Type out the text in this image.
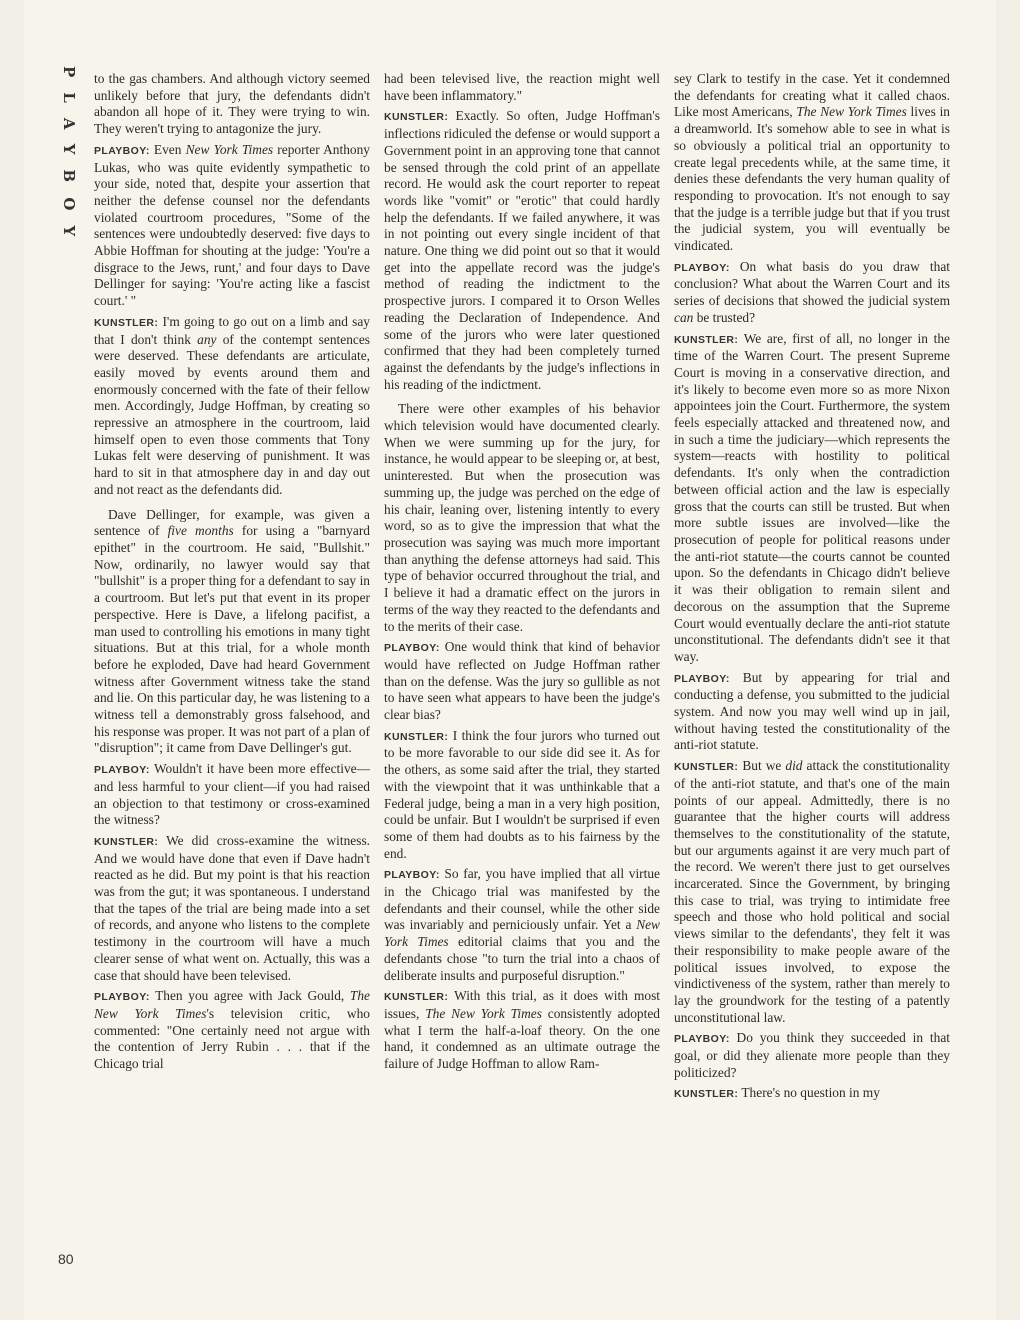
PLAYBOY to the gas chambers. And although victory seemed unlikely before that jury, the defendants didn't abandon all hope of it. They were trying to win. They weren't trying to antagonize the jury.

PLAYBOY: Even New York Times reporter Anthony Lukas, who was quite evidently sympathetic to your side, noted that, despite your assertion that neither the defense counsel nor the defendants violated courtroom procedures, "Some of the sentences were undoubtedly deserved: five days to Abbie Hoffman for shouting at the judge: 'You're a disgrace to the Jews, runt,' and four days to Dave Dellinger for saying: 'You're acting like a fascist court.' "

KUNSTLER: I'm going to go out on a limb and say that I don't think any of the contempt sentences were deserved. These defendants are articulate, easily moved by events around them and enormously concerned with the fate of their fellow men. Accordingly, Judge Hoffman, by creating so repressive an atmosphere in the courtroom, laid himself open to even those comments that Tony Lukas felt were deserving of punishment. It was hard to sit in that atmosphere day in and day out and not react as the defendants did.

Dave Dellinger, for example, was given a sentence of five months for using a "barnyard epithet" in the courtroom. He said, "Bullshit." Now, ordinarily, no lawyer would say that "bullshit" is a proper thing for a defendant to say in a courtroom. But let's put that event in its proper perspective. Here is Dave, a lifelong pacifist, a man used to controlling his emotions in many tight situations. But at this trial, for a whole month before he exploded, Dave had heard Government witness after Government witness take the stand and lie. On this particular day, he was listening to a witness tell a demonstrably gross falsehood, and his response was proper. It was not part of a plan of "disruption"; it came from Dave Dellinger's gut.

PLAYBOY: Wouldn't it have been more effective—and less harmful to your client—if you had raised an objection to that testimony or cross-examined the witness?

KUNSTLER: We did cross-examine the witness. And we would have done that even if Dave hadn't reacted as he did. But my point is that his reaction was from the gut; it was spontaneous. I understand that the tapes of the trial are being made into a set of records, and anyone who listens to the complete testimony in the courtroom will have a much clearer sense of what went on. Actually, this was a case that should have been televised.

PLAYBOY: Then you agree with Jack Gould, The New York Times's television critic, who commented: "One certainly need not argue with the contention of Jerry Rubin . . . that if the Chicago trial

had been televised live, the reaction might well have been inflammatory."

KUNSTLER: Exactly. So often, Judge Hoffman's inflections ridiculed the defense or would support a Government point in an approving tone that cannot be sensed through the cold print of an appellate record. He would ask the court reporter to repeat words like "vomit" or "erotic" that could hardly help the defendants. If we failed anywhere, it was in not pointing out every single incident of that nature. One thing we did point out so that it would get into the appellate record was the judge's method of reading the indictment to the prospective jurors. I compared it to Orson Welles reading the Declaration of Independence. And some of the jurors who were later questioned confirmed that they had been completely turned against the defendants by the judge's inflections in his reading of the indictment.

There were other examples of his behavior which television would have documented clearly. When we were summing up for the jury, for instance, he would appear to be sleeping or, at best, uninterested. But when the prosecution was summing up, the judge was perched on the edge of his chair, leaning over, listening intently to every word, so as to give the impression that what the prosecution was saying was much more important than anything the defense attorneys had said. This type of behavior occurred throughout the trial, and I believe it had a dramatic effect on the jurors in terms of the way they reacted to the defendants and to the merits of their case.

PLAYBOY: One would think that kind of behavior would have reflected on Judge Hoffman rather than on the defense. Was the jury so gullible as not to have seen what appears to have been the judge's clear bias?

KUNSTLER: I think the four jurors who turned out to be more favorable to our side did see it. As for the others, as some said after the trial, they started with the viewpoint that it was unthinkable that a Federal judge, being a man in a very high position, could be unfair. But I wouldn't be surprised if even some of them had doubts as to his fairness by the end.

PLAYBOY: So far, you have implied that all virtue in the Chicago trial was manifested by the defendants and their counsel, while the other side was invariably and perniciously unfair. Yet a New York Times editorial claims that you and the defendants chose "to turn the trial into a chaos of deliberate insults and purposeful disruption."

KUNSTLER: With this trial, as it does with most issues, The New York Times consistently adopted what I term the half-a-loaf theory. On the one hand, it condemned as an ultimate outrage the failure of Judge Hoffman to allow Ram-

sey Clark to testify in the case. Yet it condemned the defendants for creating what it called chaos. Like most Americans, The New York Times lives in a dreamworld. It's somehow able to see in what is so obviously a political trial an opportunity to create legal precedents while, at the same time, it denies these defendants the very human quality of responding to provocation. It's not enough to say that the judge is a terrible judge but that if you trust the judicial system, you will eventually be vindicated.

PLAYBOY: On what basis do you draw that conclusion? What about the Warren Court and its series of decisions that showed the judicial system can be trusted?

KUNSTLER: We are, first of all, no longer in the time of the Warren Court. The present Supreme Court is moving in a conservative direction, and it's likely to become even more so as more Nixon appointees join the Court. Furthermore, the system feels especially attacked and threatened now, and in such a time the judiciary—which represents the system—reacts with hostility to political defendants. It's only when the contradiction between official action and the law is especially gross that the courts can still be trusted. But when more subtle issues are involved—like the prosecution of people for political reasons under the anti-riot statute—the courts cannot be counted upon. So the defendants in Chicago didn't believe it was their obligation to remain silent and decorous on the assumption that the Supreme Court would eventually declare the anti-riot statute unconstitutional. The defendants didn't see it that way.

PLAYBOY: But by appearing for trial and conducting a defense, you submitted to the judicial system. And now you may well wind up in jail, without having tested the constitutionality of the anti-riot statute.

KUNSTLER: But we did attack the constitutionality of the anti-riot statute, and that's one of the main points of our appeal. Admittedly, there is no guarantee that the higher courts will address themselves to the constitutionality of the statute, but our arguments against it are very much part of the record. We weren't there just to get ourselves incarcerated. Since the Government, by bringing this case to trial, was trying to intimidate free speech and those who hold political and social views similar to the defendants', they felt it was their responsibility to make people aware of the political issues involved, to expose the vindictiveness of the system, rather than merely to lay the groundwork for the testing of a patently unconstitutional law.

PLAYBOY: Do you think they succeeded in that goal, or did they alienate more people than they politicized?

KUNSTLER: There's no question in my

80
